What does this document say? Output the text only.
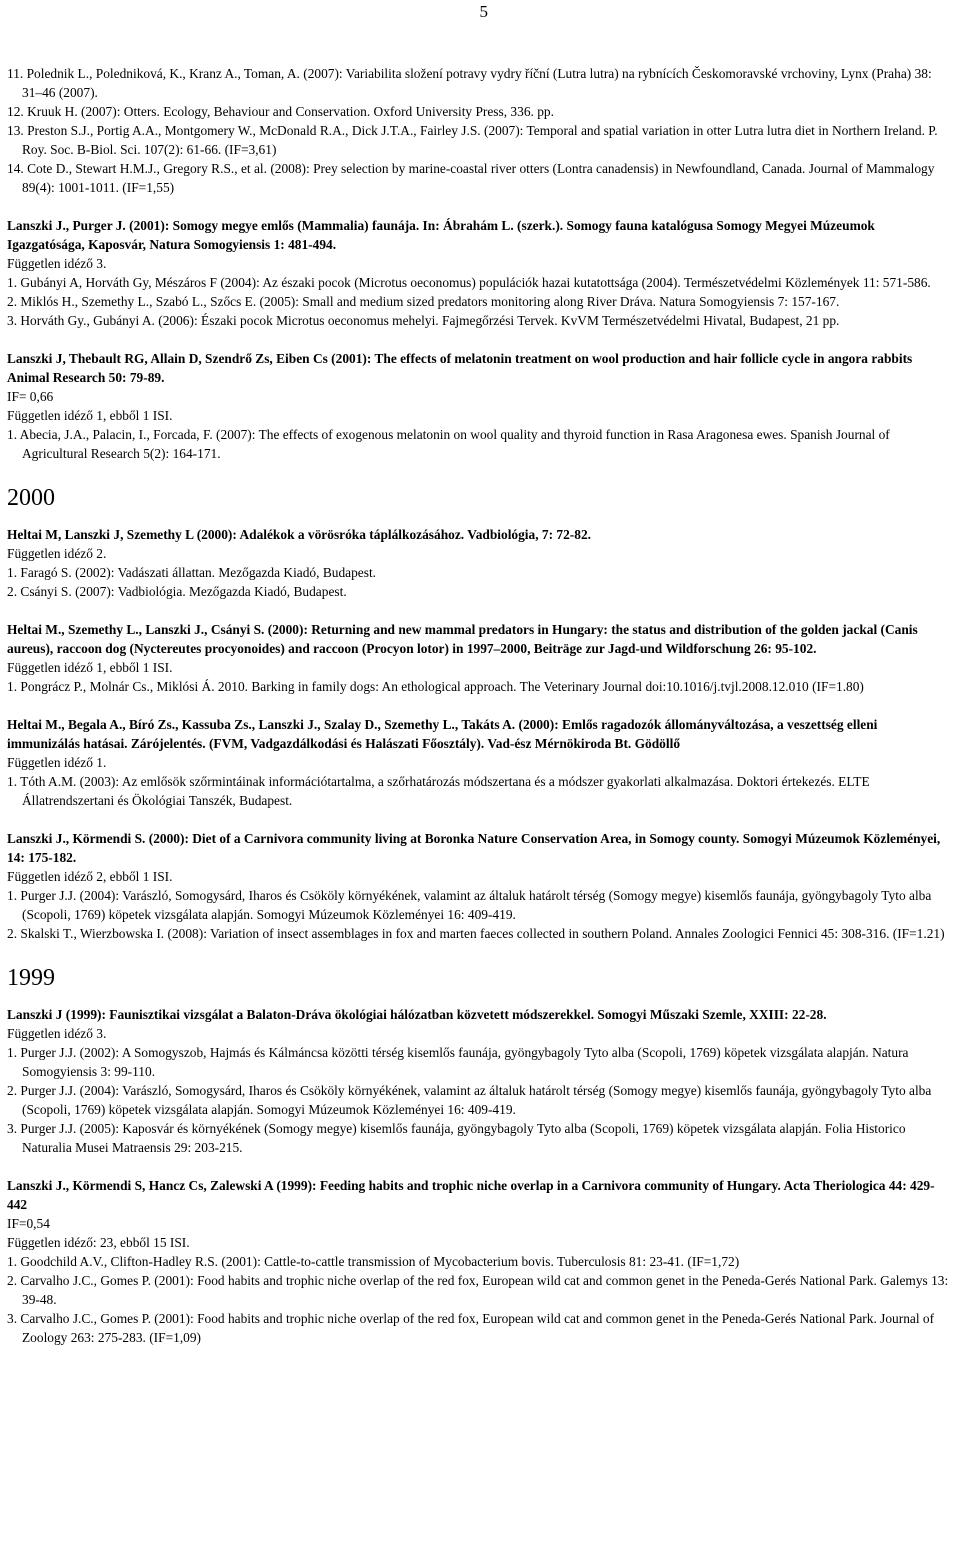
5

11. Polednik L., Poledniková, K., Kranz A., Toman, A. (2007): Variabilita složení potravy vydry říční (Lutra lutra) na rybnících Českomoravské vrchoviny, Lynx (Praha) 38: 31–46 (2007).

12. Kruuk H. (2007): Otters. Ecology, Behaviour and Conservation. Oxford University Press, 336. pp.

13. Preston S.J., Portig A.A., Montgomery W., McDonald R.A., Dick J.T.A., Fairley J.S. (2007): Temporal and spatial variation in otter Lutra lutra diet in Northern Ireland. P. Roy. Soc. B-Biol. Sci. 107(2): 61-66. (IF=3,61)

14. Cote D., Stewart H.M.J., Gregory R.S., et al. (2008): Prey selection by marine-coastal river otters (Lontra canadensis) in Newfoundland, Canada. Journal of Mammalogy 89(4): 1001-1011. (IF=1,55)

Lanszki J., Purger J. (2001): Somogy megye emlős (Mammalia) faunája. In: Ábrahám L. (szerk.). Somogy fauna katalógusa Somogy Megyei Múzeumok Igazgatósága, Kaposvár, Natura Somogyiensis 1: 481-494.

Független idéző 3.

1. Gubányi A, Horváth Gy, Mészáros F (2004): Az északi pocok (Microtus oeconomus) populációk hazai kutatottsága (2004). Természetvédelmi Közlemények 11: 571-586.

2. Miklós H., Szemethy L., Szabó L., Szőcs E. (2005): Small and medium sized predators monitoring along River Dráva. Natura Somogyiensis 7: 157-167.

3. Horváth Gy., Gubányi A. (2006): Északi pocok Microtus oeconomus mehelyi. Fajmegőrzési Tervek. KvVM Természetvédelmi Hivatal, Budapest, 21 pp.

Lanszki J, Thebault RG, Allain D, Szendrő Zs, Eiben Cs (2001): The effects of melatonin treatment on wool production and hair follicle cycle in angora rabbits Animal Research 50: 79-89.

IF= 0,66

Független idéző 1, ebből 1 ISI.

1. Abecia, J.A., Palacin, I., Forcada, F. (2007): The effects of exogenous melatonin on wool quality and thyroid function in Rasa Aragonesa ewes. Spanish Journal of Agricultural Research 5(2): 164-171.

2000

Heltai M, Lanszki J, Szemethy L (2000): Adalékok a vörösróka táplálkozásához. Vadbiológia, 7: 72-82.

Független idéző 2.

1. Faragó S. (2002): Vadászati állattan. Mezőgazda Kiadó, Budapest.

2. Csányi S. (2007): Vadbiológia. Mezőgazda Kiadó, Budapest.

Heltai M., Szemethy L., Lanszki J., Csányi S. (2000): Returning and new mammal predators in Hungary: the status and distribution of the golden jackal (Canis aureus), raccoon dog (Nyctereutes procyonoides) and raccoon (Procyon lotor) in 1997–2000, Beiträge zur Jagd-und Wildforschung 26: 95-102.

Független idéző 1, ebből 1 ISI.

1. Pongrácz P., Molnár Cs., Miklósi Á. 2010. Barking in family dogs: An ethological approach. The Veterinary Journal doi:10.1016/j.tvjl.2008.12.010 (IF=1.80)

Heltai M., Begala A., Bíró Zs., Kassuba Zs., Lanszki J., Szalay D., Szemethy L., Takáts A. (2000): Emlős ragadozók állományváltozása, a veszettség elleni immunizálás hatásai. Zárójelentés. (FVM, Vadgazdálkodási és Halászati Főosztály). Vad-ész Mérnökiroda Bt. Gödöllő

Független idéző 1.

1. Tóth A.M. (2003): Az emlősök szőrmintáinak információtartalma, a szőrhatározás módszertana és a módszer gyakorlati alkalmazása. Doktori értekezés. ELTE Állatrendszertani és Ökológiai Tanszék, Budapest.

Lanszki J., Körmendi S. (2000): Diet of a Carnivora community living at Boronka Nature Conservation Area, in Somogy county. Somogyi Múzeumok Közleményei, 14: 175-182.

Független idéző 2, ebből 1 ISI.

1. Purger J.J. (2004): Varászló, Somogysárd, Iharos és Csököly környékének, valamint az általuk határolt térség (Somogy megye) kisemlős faunája, gyöngybagoly Tyto alba (Scopoli, 1769) köpetek vizsgálata alapján. Somogyi Múzeumok Közleményei 16: 409-419.

2. Skalski T., Wierzbowska I. (2008): Variation of insect assemblages in fox and marten faeces collected in southern Poland. Annales Zoologici Fennici 45: 308-316. (IF=1.21)

1999

Lanszki J (1999): Faunisztikai vizsgálat a Balaton-Dráva ökológiai hálózatban közvetett módszerekkel. Somogyi Műszaki Szemle, XXIII: 22-28.

Független idéző 3.

1. Purger J.J. (2002): A Somogyszob, Hajmás és Kálmáncsa közötti térség kisemlős faunája, gyöngybagoly Tyto alba (Scopoli, 1769) köpetek vizsgálata alapján. Natura Somogyiensis 3: 99-110.

2. Purger J.J. (2004): Varászló, Somogysárd, Iharos és Csököly környékének, valamint az általuk határolt térség (Somogy megye) kisemlős faunája, gyöngybagoly Tyto alba (Scopoli, 1769) köpetek vizsgálata alapján. Somogyi Múzeumok Közleményei 16: 409-419.

3. Purger J.J. (2005): Kaposvár és környékének (Somogy megye) kisemlős faunája, gyöngybagoly Tyto alba (Scopoli, 1769) köpetek vizsgálata alapján. Folia Historico Naturalia Musei Matraensis 29: 203-215.

Lanszki J., Körmendi S, Hancz Cs, Zalewski A (1999): Feeding habits and trophic niche overlap in a Carnivora community of Hungary. Acta Theriologica 44: 429-442

IF=0,54

Független idéző: 23, ebből 15 ISI.

1. Goodchild A.V., Clifton-Hadley R.S. (2001): Cattle-to-cattle transmission of Mycobacterium bovis. Tuberculosis 81: 23-41. (IF=1,72)

2. Carvalho J.C., Gomes P. (2001): Food habits and trophic niche overlap of the red fox, European wild cat and common genet in the Peneda-Gerés National Park. Galemys 13: 39-48.

3. Carvalho J.C., Gomes P. (2001): Food habits and trophic niche overlap of the red fox, European wild cat and common genet in the Peneda-Gerés National Park. Journal of Zoology 263: 275-283. (IF=1,09)
